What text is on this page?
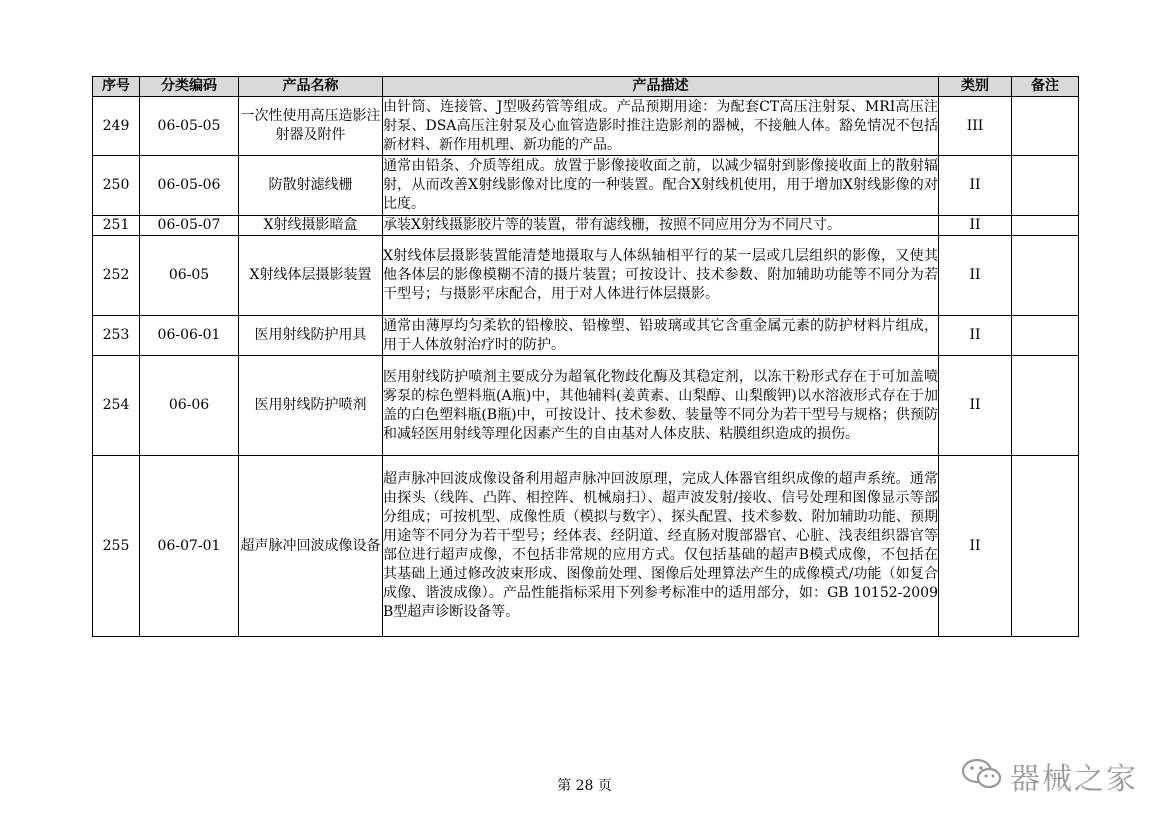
序号	分类编码	产品名称	产品描述	类别	备注
249	06-05-05	一次性使用高压造影注射器及附件	由针筒、连接管、J型吸药管等组成。产品预期用途：为配套CT高压注射泵、MRI高压注射泵、DSA高压注射泵及心血管造影时推注造影剂的器械，不接触人体。豁免情况不包括新材料、新作用机理、新功能的产品。	III	
250	06-05-06	防散射滤线栅	通常由铅条、介质等组成。放置于影像接收面之前，以减少辐射到影像接收面上的散射辐射，从而改善X射线影像对比度的一种装置。配合X射线机使用，用于增加X射线影像的对比度。	II	
251	06-05-07	X射线摄影暗盒	承装X射线摄影胶片等的装置，带有滤线栅，按照不同应用分为不同尺寸。	II	
252	06-05	X射线体层摄影装置	X射线体层摄影装置能清楚地摄取与人体纵轴相平行的某一层或几层组织的影像，又使其他各体层的影像模糊不清的摄片装置；可按设计、技术参数、附加辅助功能等不同分为若干型号；与摄影平床配合，用于对人体进行体层摄影。	II	
253	06-06-01	医用射线防护用具	通常由薄厚均匀柔软的铅橡胶、铅橡塑、铅玻璃或其它含重金属元素的防护材料片组成，用于人体放射治疗时的防护。	II	
254	06-06	医用射线防护喷剂	医用射线防护喷剂主要成分为超氧化物歧化酶及其稳定剂，以冻干粉形式存在于可加盖喷雾泵的棕色塑料瓶(A瓶)中，其他辅料(姜黄素、山梨醇、山梨酸钾)以水溶液形式存在于加盖的白色塑料瓶(B瓶)中，可按设计、技术参数、装量等不同分为若干型号与规格；供预防和减轻医用射线等理化因素产生的自由基对人体皮肤、粘膜组织造成的损伤。	II	
255	06-07-01	超声脉冲回波成像设备	超声脉冲回波成像设备利用超声脉冲回波原理，完成人体器官组织成像的超声系统。通常由探头（线阵、凸阵、相控阵、机械扇扫）、超声波发射/接收、信号处理和图像显示等部分组成；可按机型、成像性质（模拟与数字）、探头配置、技术参数、附加辅助功能、预期用途等不同分为若干型号；经体表、经阴道、经直肠对腹部器官、心脏、浅表组织器官等部位进行超声成像，不包括非常规的应用方式。仅包括基础的超声B模式成像，不包括在其基础上通过修改波束形成、图像前处理、图像后处理算法产生的成像模式/功能（如复合成像、谐波成像）。产品性能指标采用下列参考标准中的适用部分，如：GB 10152-2009 B型超声诊断设备等。	II	
第 28 页	器械之家
